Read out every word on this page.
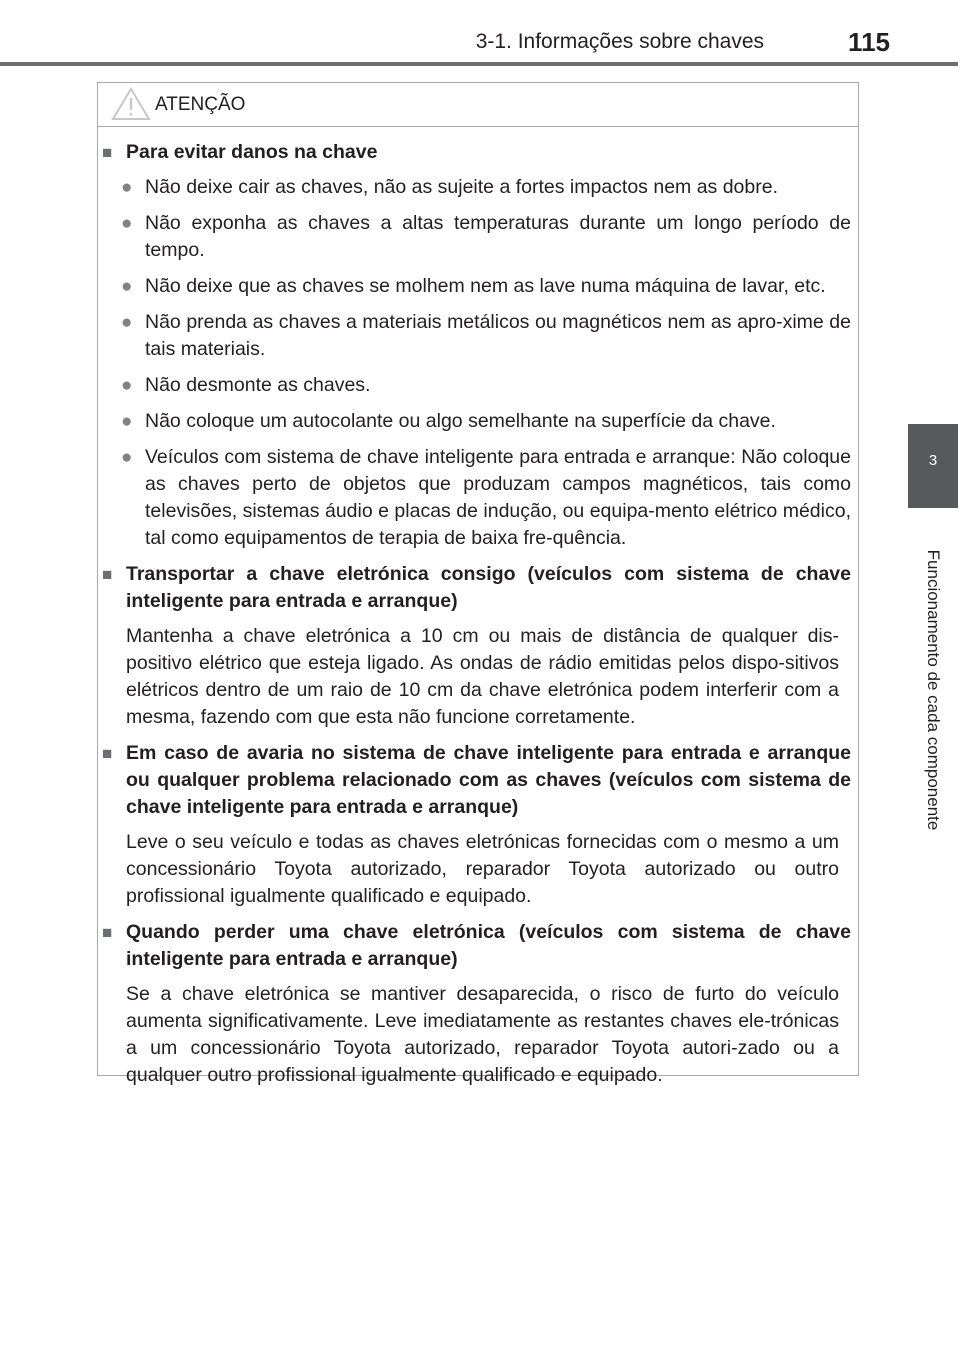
3-1. Informações sobre chaves	115
3
Funcionamento de cada componente
ATENÇÃO
■ Para evitar danos na chave
● Não deixe cair as chaves, não as sujeite a fortes impactos nem as dobre.
● Não exponha as chaves a altas temperaturas durante um longo período de tempo.
● Não deixe que as chaves se molhem nem as lave numa máquina de lavar, etc.
● Não prenda as chaves a materiais metálicos ou magnéticos nem as apro-xime de tais materiais.
● Não desmonte as chaves.
● Não coloque um autocolante ou algo semelhante na superfície da chave.
● Veículos com sistema de chave inteligente para entrada e arranque: Não coloque as chaves perto de objetos que produzam campos magnéticos, tais como televisões, sistemas áudio e placas de indução, ou equipa-mento elétrico médico, tal como equipamentos de terapia de baixa fre-quência.
■ Transportar a chave eletrónica consigo (veículos com sistema de chave inteligente para entrada e arranque)
Mantenha a chave eletrónica a 10 cm ou mais de distância de qualquer dis-positivo elétrico que esteja ligado. As ondas de rádio emitidas pelos dispo-sitivos elétricos dentro de um raio de 10 cm da chave eletrónica podem interferir com a mesma, fazendo com que esta não funcione corretamente.
■ Em caso de avaria no sistema de chave inteligente para entrada e arranque ou qualquer problema relacionado com as chaves (veículos com sistema de chave inteligente para entrada e arranque)
Leve o seu veículo e todas as chaves eletrónicas fornecidas com o mesmo a um concessionário Toyota autorizado, reparador Toyota autorizado ou outro profissional igualmente qualificado e equipado.
■ Quando perder uma chave eletrónica (veículos com sistema de chave inteligente para entrada e arranque)
Se a chave eletrónica se mantiver desaparecida, o risco de furto do veículo aumenta significativamente. Leve imediatamente as restantes chaves ele-trónicas a um concessionário Toyota autorizado, reparador Toyota autori-zado ou a qualquer outro profissional igualmente qualificado e equipado.
